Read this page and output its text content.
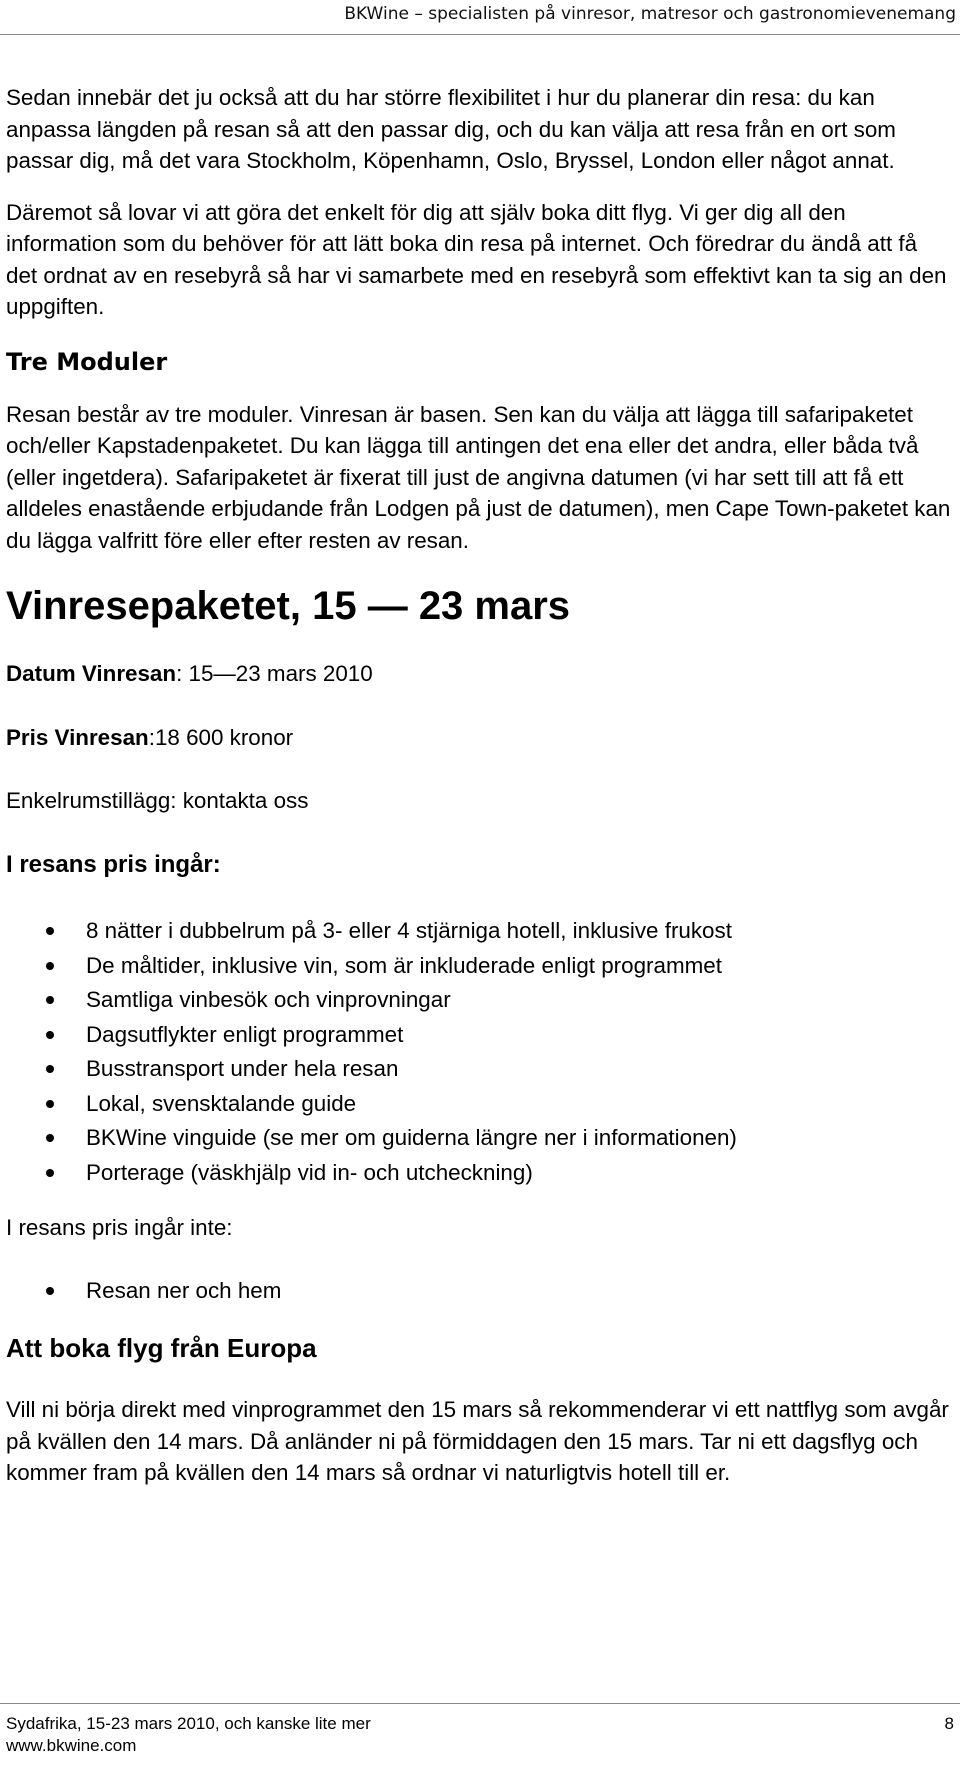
BKWine – specialisten på vinresor, matresor och gastronomievenemang

Sedan innebär det ju också att du har större flexibilitet i hur du planerar din resa: du kan anpassa längden på resan så att den passar dig, och du kan välja att resa från en ort som passar dig, må det vara Stockholm, Köpenhamn, Oslo, Bryssel, London eller något annat.

Däremot så lovar vi att göra det enkelt för dig att själv boka ditt flyg. Vi ger dig all den information som du behöver för att lätt boka din resa på internet. Och föredrar du ändå att få det ordnat av en resebyrå så har vi samarbete med en resebyrå som effektivt kan ta sig an den uppgiften.

Tre Moduler

Resan består av tre moduler. Vinresan är basen. Sen kan du välja att lägga till safaripaketet och/eller Kapstadenpaketet. Du kan lägga till antingen det ena eller det andra, eller båda två (eller ingetdera). Safaripaketet är fixerat till just de angivna datumen (vi har sett till att få ett alldeles enastående erbjudande från Lodgen på just de datumen), men Cape Town-paketet kan du lägga valfritt före eller efter resten av resan.

Vinresepaketet, 15 — 23 mars

Datum Vinresan: 15—23 mars 2010

Pris Vinresan:18 600 kronor

Enkelrumstillägg: kontakta oss

I resans pris ingår:

8 nätter i dubbelrum på 3- eller 4 stjärniga hotell, inklusive frukost
De måltider, inklusive vin, som är inkluderade enligt programmet
Samtliga vinbesök och vinprovningar
Dagsutflykter enligt programmet
Busstransport under hela resan
Lokal, svensktalande guide
BKWine vinguide (se mer om guiderna längre ner i informationen)
Porterage (väskhjälp vid in- och utcheckning)

I resans pris ingår inte:

Resan ner och hem
Att boka flyg från Europa

Vill ni börja direkt med vinprogrammet den 15 mars så rekommenderar vi ett nattflyg som avgår på kvällen den 14 mars. Då anländer ni på förmiddagen den 15 mars. Tar ni ett dagsflyg och kommer fram på kvällen den 14 mars så ordnar vi naturligtvis hotell till er.

Sydafrika, 15-23 mars 2010, och kanske lite mer
www.bkwine.com
8
